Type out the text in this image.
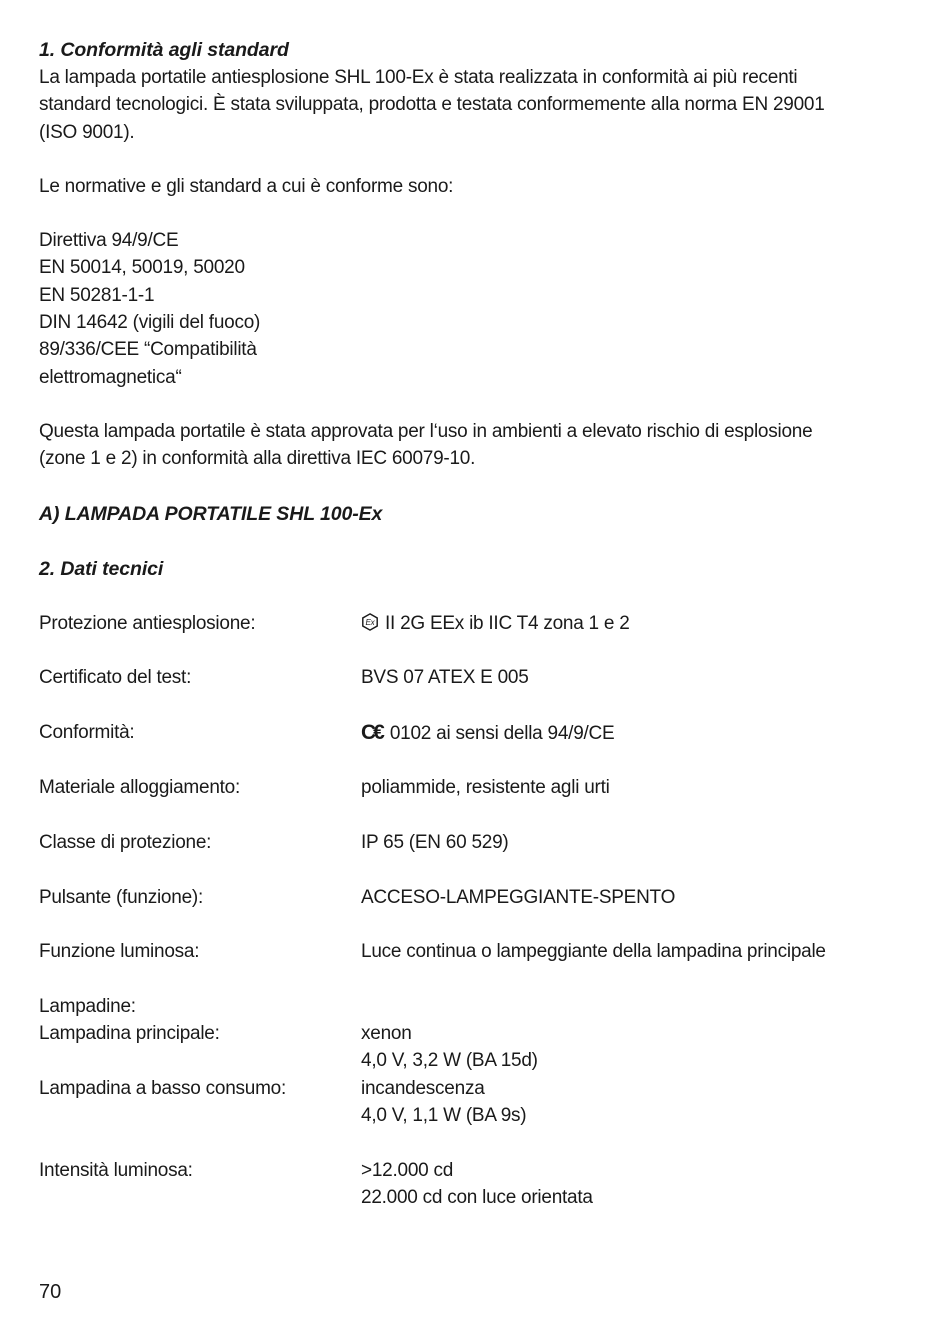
1. Conformità agli standard
La lampada portatile antiesplosione SHL 100-Ex è stata realizzata in conformità ai più recenti
standard tecnologici. È stata sviluppata, prodotta e testata conformemente alla norma EN 29001
(ISO 9001).
Le normative e gli standard a cui è conforme sono:
Direttiva 94/9/CE
EN 50014, 50019, 50020
EN 50281-1-1
DIN 14642 (vigili del fuoco)
89/336/CEE “Compatibilità
elettromagnetica“
Questa lampada portatile è stata approvata per l‘uso in ambienti a elevato rischio di esplosione
(zone 1 e 2) in conformità alla direttiva IEC 60079-10.
A) LAMPADA PORTATILE SHL 100-Ex
2. Dati tecnici
Protezione antiesplosione:	Ex II 2G EEx ib IIC T4 zona 1 e 2
Certificato del test:	BVS 07 ATEX E 005
Conformità:	C€ 0102 ai sensi della 94/9/CE
Materiale alloggiamento:	poliammide, resistente agli urti
Classe di protezione:	IP 65 (EN 60 529)
Pulsante (funzione):	ACCESO-LAMPEGGIANTE-SPENTO
Funzione luminosa:	Luce continua o lampeggiante della lampadina principale
Lampadine:
Lampadina principale:	xenon
4,0 V, 3,2 W (BA 15d)
Lampadina a basso consumo:	incandescenza
4,0 V, 1,1 W (BA 9s)
Intensità luminosa:	>12.000 cd
22.000 cd con luce orientata
70
